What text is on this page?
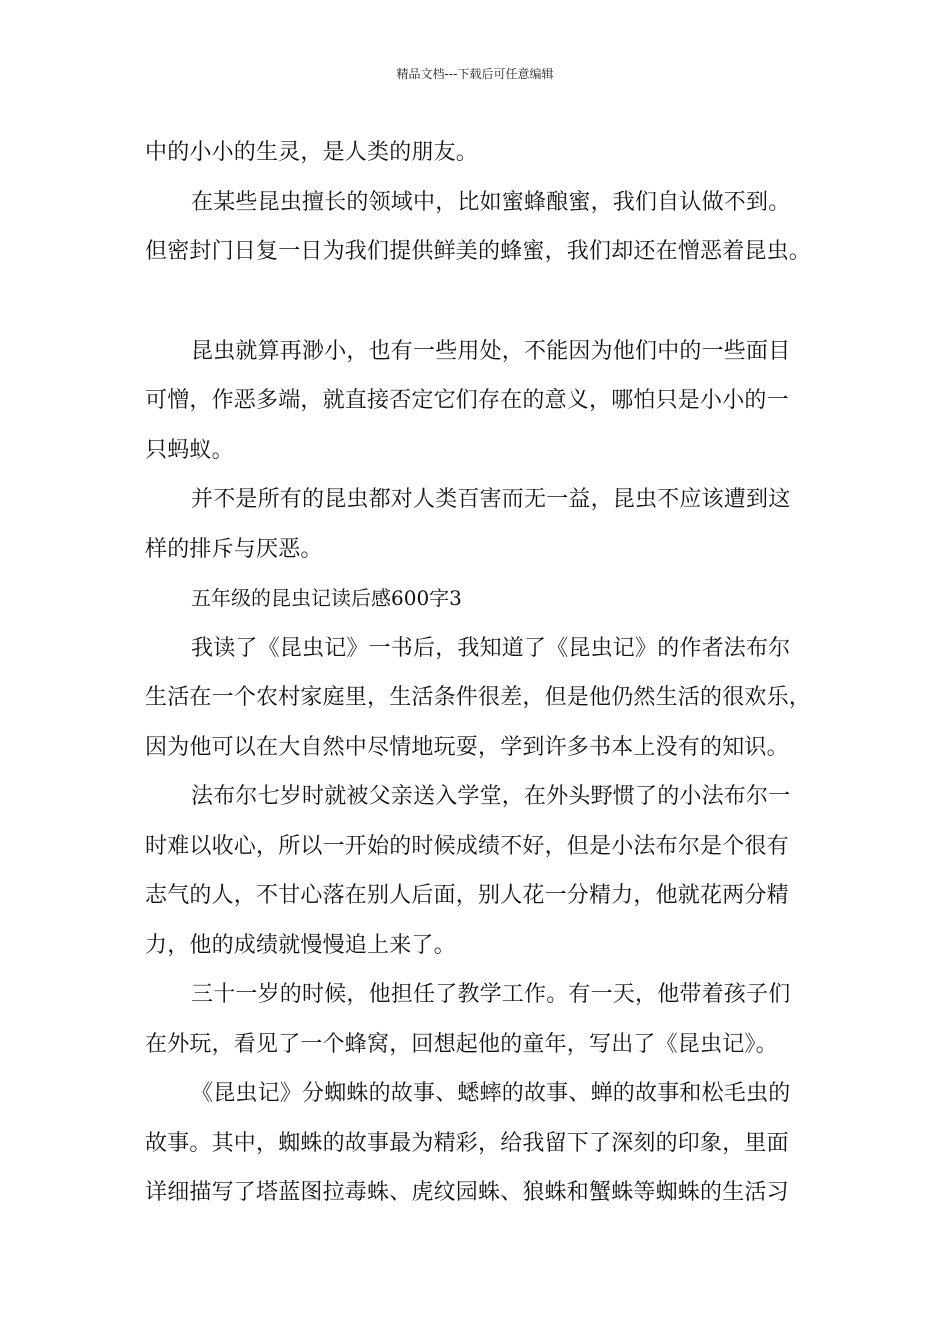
精品文档---下载后可任意编辑

中的小小的生灵，是人类的朋友。

在某些昆虫擅长的领域中，比如蜜蜂酿蜜，我们自认做不到。
但密封门日复一日为我们提供鲜美的蜂蜜，我们却还在憎恶着昆虫。

昆虫就算再渺小，也有一些用处，不能因为他们中的一些面目
可憎，作恶多端，就直接否定它们存在的意义，哪怕只是小小的一
只蚂蚁。

并不是所有的昆虫都对人类百害而无一益，昆虫不应该遭到这
样的排斥与厌恶。

五年级的昆虫记读后感600字3

我读了《昆虫记》一书后，我知道了《昆虫记》的作者法布尔
生活在一个农村家庭里，生活条件很差，但是他仍然生活的很欢乐，
因为他可以在大自然中尽情地玩耍，学到许多书本上没有的知识。

法布尔七岁时就被父亲送入学堂，在外头野惯了的小法布尔一
时难以收心，所以一开始的时候成绩不好，但是小法布尔是个很有
志气的人，不甘心落在别人后面，别人花一分精力，他就花两分精
力，他的成绩就慢慢追上来了。

三十一岁的时候，他担任了教学工作。有一天，他带着孩子们
在外玩，看见了一个蜂窝，回想起他的童年，写出了《昆虫记》。

《昆虫记》分蜘蛛的故事、蟋蟀的故事、蝉的故事和松毛虫的
故事。其中，蜘蛛的故事最为精彩，给我留下了深刻的印象，里面
详细描写了塔蓝图拉毒蛛、虎纹园蛛、狼蛛和蟹蛛等蜘蛛的生活习
